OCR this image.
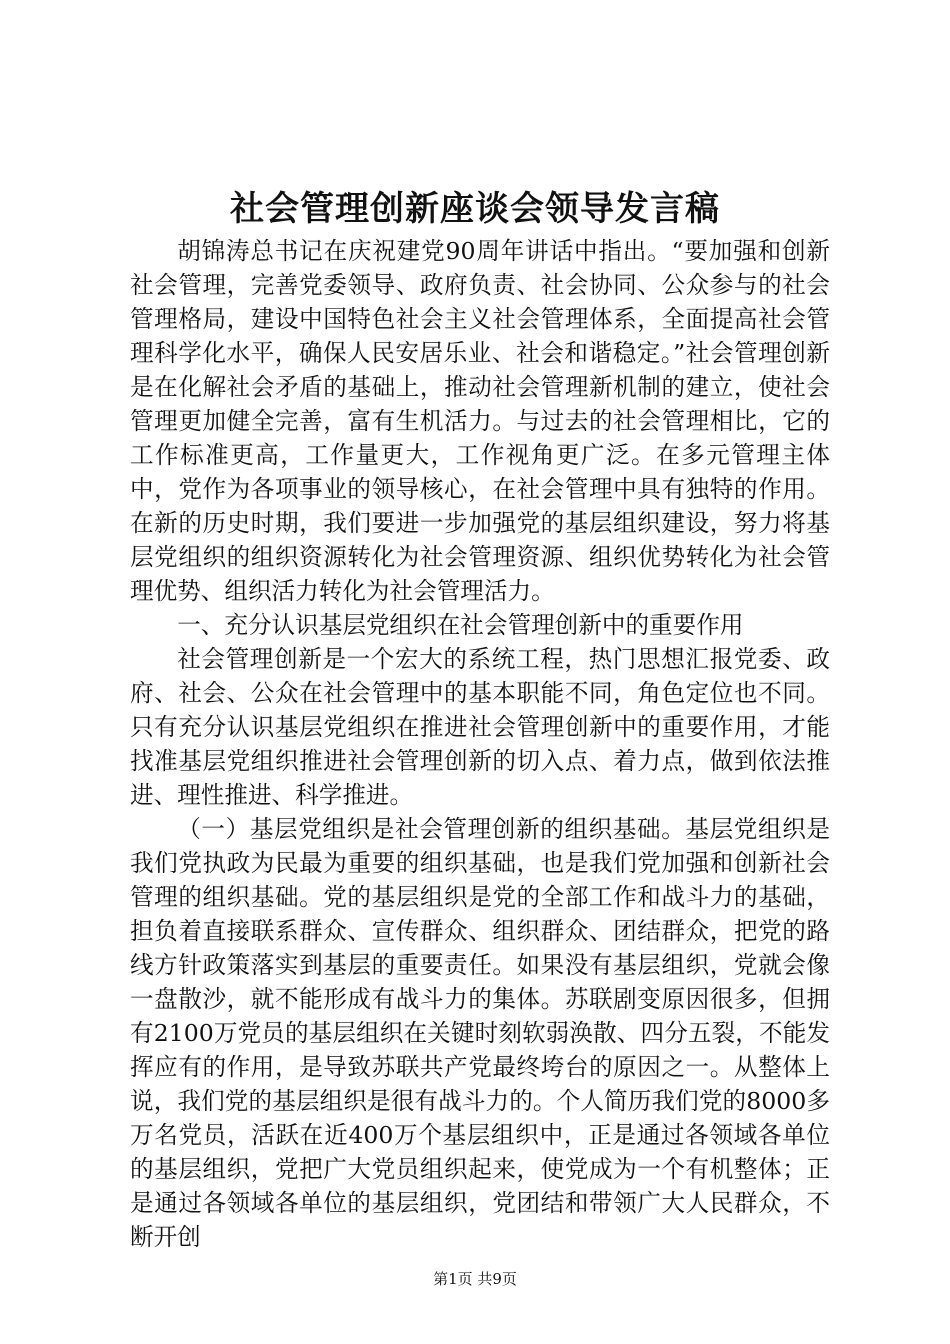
社会管理创新座谈会领导发言稿

胡锦涛总书记在庆祝建党90周年讲话中指出。“要加强和创新社会管理，完善党委领导、政府负责、社会协同、公众参与的社会管理格局，建设中国特色社会主义社会管理体系，全面提高社会管理科学化水平，确保人民安居乐业、社会和谐稳定。”社会管理创新是在化解社会矛盾的基础上，推动社会管理新机制的建立，使社会管理更加健全完善，富有生机活力。与过去的社会管理相比，它的工作标准更高，工作量更大，工作视角更广泛。在多元管理主体中，党作为各项事业的领导核心，在社会管理中具有独特的作用。在新的历史时期，我们要进一步加强党的基层组织建设，努力将基层党组织的组织资源转化为社会管理资源、组织优势转化为社会管理优势、组织活力转化为社会管理活力。

一、充分认识基层党组织在社会管理创新中的重要作用

社会管理创新是一个宏大的系统工程，热门思想汇报党委、政府、社会、公众在社会管理中的基本职能不同，角色定位也不同。只有充分认识基层党组织在推进社会管理创新中的重要作用，才能找准基层党组织推进社会管理创新的切入点、着力点，做到依法推进、理性推进、科学推进。

（一）基层党组织是社会管理创新的组织基础。基层党组织是我们党执政为民最为重要的组织基础，也是我们党加强和创新社会管理的组织基础。党的基层组织是党的全部工作和战斗力的基础，担负着直接联系群众、宣传群众、组织群众、团结群众，把党的路线方针政策落实到基层的重要责任。如果没有基层组织，党就会像一盘散沙，就不能形成有战斗力的集体。苏联剧变原因很多，但拥有2100万党员的基层组织在关键时刻软弱涣散、四分五裂，不能发挥应有的作用，是导致苏联共产党最终垮台的原因之一。从整体上说，我们党的基层组织是很有战斗力的。个人简历我们党的8000多万名党员，活跃在近400万个基层组织中，正是通过各领域各单位的基层组织，党把广大党员组织起来，使党成为一个有机整体；正是通过各领域各单位的基层组织，党团结和带领广大人民群众，不断开创

第1页 共9页
